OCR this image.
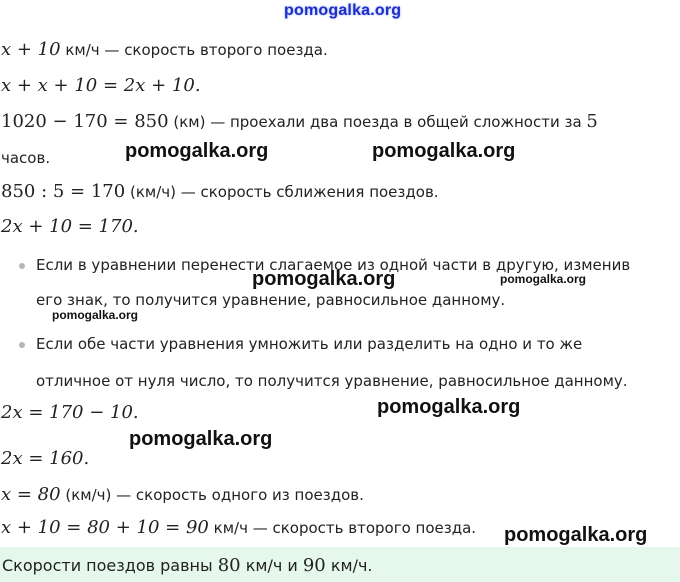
pomogalka.org
x + 10 км/ч — скорость второго поезда.
x + x + 10 = 2x + 10.
1020 − 170 = 850 (км) — проехали два поезда в общей сложности за 5
часов.
850 : 5 = 170 (км/ч) — скорость сближения поездов.
2x + 10 = 170.
Если в уравнении перенести слагаемое из одной части в другую, изменив
его знак, то получится уравнение, равносильное данному.
Если обе части уравнения умножить или разделить на одно и то же
отличное от нуля число, то получится уравнение, равносильное данному.
2x = 170 − 10.
2x = 160.
x = 80 (км/ч) — скорость одного из поездов.
x + 10 = 80 + 10 = 90 км/ч — скорость второго поезда.
Скорости поездов равны 80 км/ч и 90 км/ч.
pomogalka.org	pomogalka.org
pomogalka.org	pomogalka.org
pomogalka.org
pomogalka.org
pomogalka.org
pomogalka.org
